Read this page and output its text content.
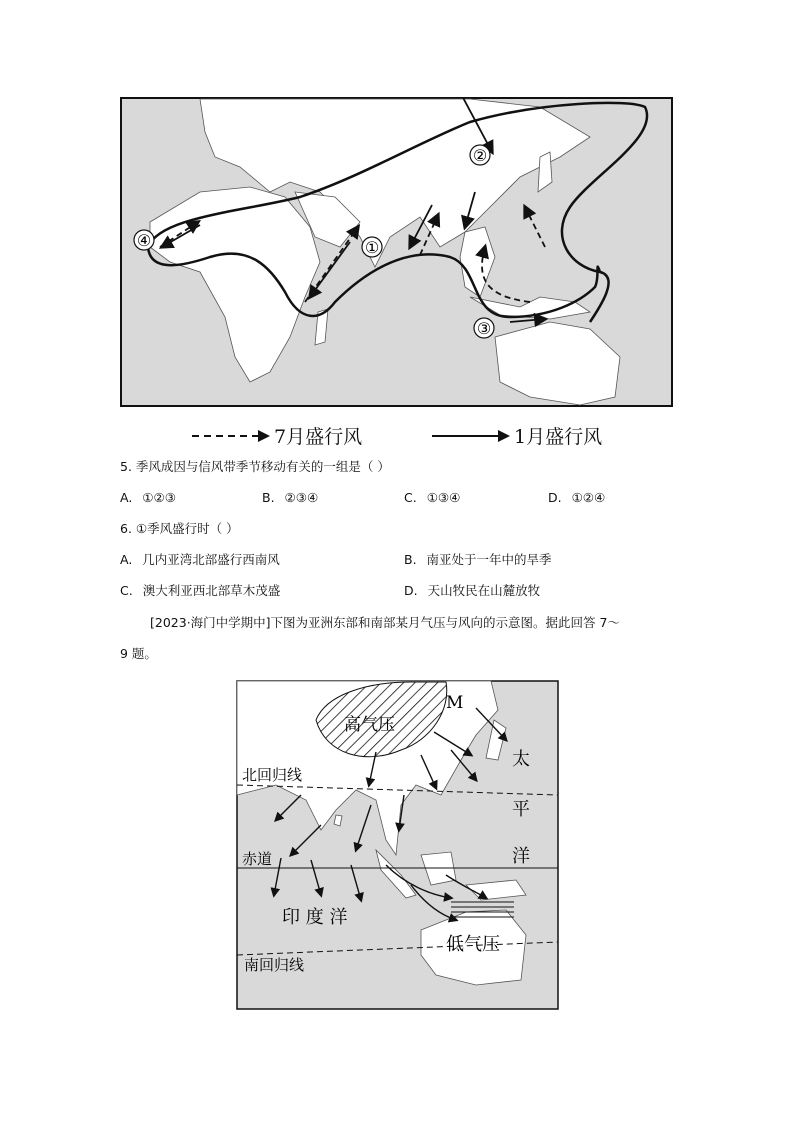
①
②
③
④
7月盛行风	1月盛行风
5. 季风成因与信风带季节移动有关的一组是（ ）
A. ①②③	B. ②③④	C. ①③④	D. ①②④
6. ①季风盛行时（ ）
A. 几内亚湾北部盛行西南风	B. 南亚处于一年中的旱季
C. 澳大利亚西北部草木茂盛	D. 天山牧民在山麓放牧
[2023·海门中学期中]下图为亚洲东部和南部某月气压与风向的示意图。据此回答 7～
9 题。
高气压
M
北回归线
赤道
南回归线
印 度 洋
低气压
太
平
洋
